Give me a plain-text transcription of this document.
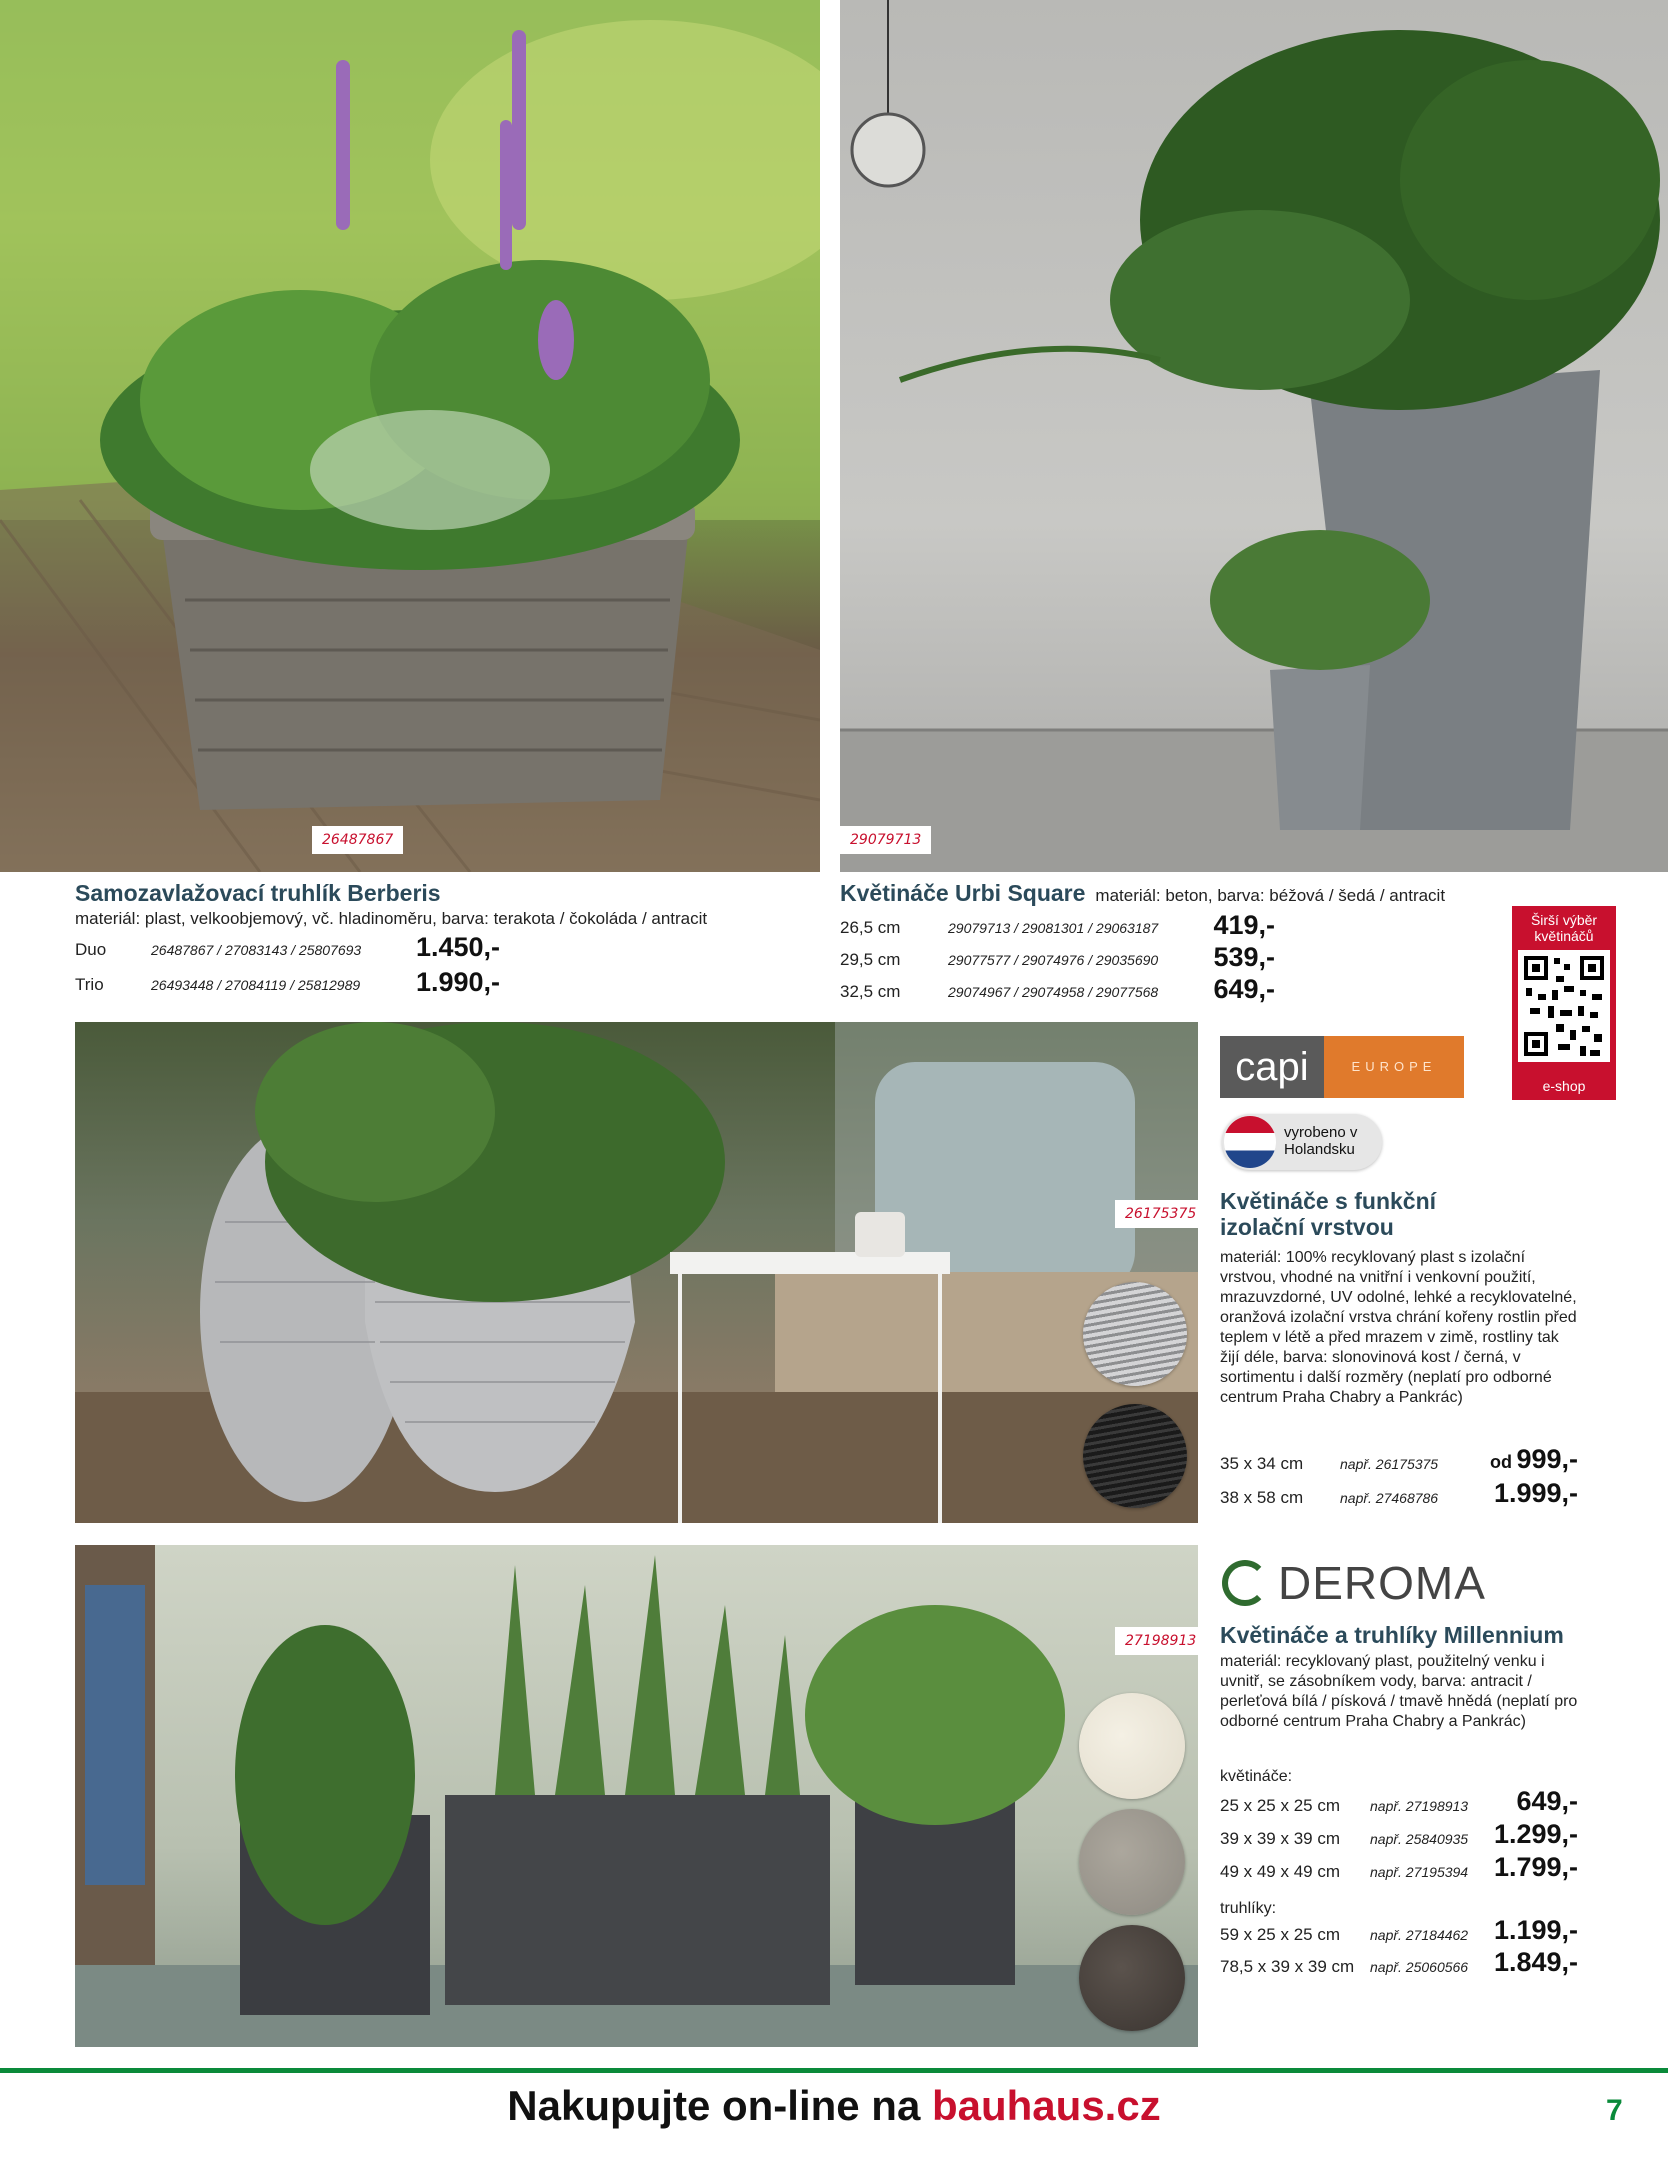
26487867	29079713
Samozavlažovací truhlík Berberis
materiál: plast, velkoobjemový, vč. hladinoměru, barva: terakota / čokoláda / antracit
Duo	26487867 / 27083143 / 25807693	1.450,-
Trio	26493448 / 27084119 / 25812989	1.990,-
Květináče Urbi Square materiál: beton, barva: béžová / šedá / antracit
26,5 cm	29079713 / 29081301 / 29063187	419,-
29,5 cm	29077577 / 29074976 / 29035690	539,-
32,5 cm	29074967 / 29074958 / 29077568	649,-
Širší výběr květináčů
e-shop
26175375
capi	EUROPE
vyrobeno v Holandsku
Květináče s funkční izolační vrstvou
materiál: 100% recyklovaný plast s izolační vrstvou, vhodné na vnitřní i venkovní použití, mrazuvzdorné, UV odolné, lehké a recyklovatelné, oranžová izolační vrstva chrání kořeny rostlin před teplem v létě a před mrazem v zimě, rostliny tak žijí déle, barva: slonovinová kost / černá, v sortimentu i další rozměry (neplatí pro odborné centrum Praha Chabry a Pankrác)
35 x 34 cm	např. 26175375	od 999,-
38 x 58 cm	např. 27468786	1.999,-
27198913
DEROMA
Květináče a truhlíky Millennium
materiál: recyklovaný plast, použitelný venku i uvnitř, se zásobníkem vody, barva: antracit / perleťová bílá / písková / tmavě hnědá (neplatí pro odborné centrum Praha Chabry a Pankrác)
květináče:
25 x 25 x 25 cm	např. 27198913	649,-
39 x 39 x 39 cm	např. 25840935 1.299,-
49 x 49 x 49 cm	např. 27195394 1.799,-
truhlíky:
59 x 25 x 25 cm	např. 27184462 1.199,-
78,5 x 39 x 39 cm	např. 25060566 1.849,-
Nakupujte on-line na bauhaus.cz	7
